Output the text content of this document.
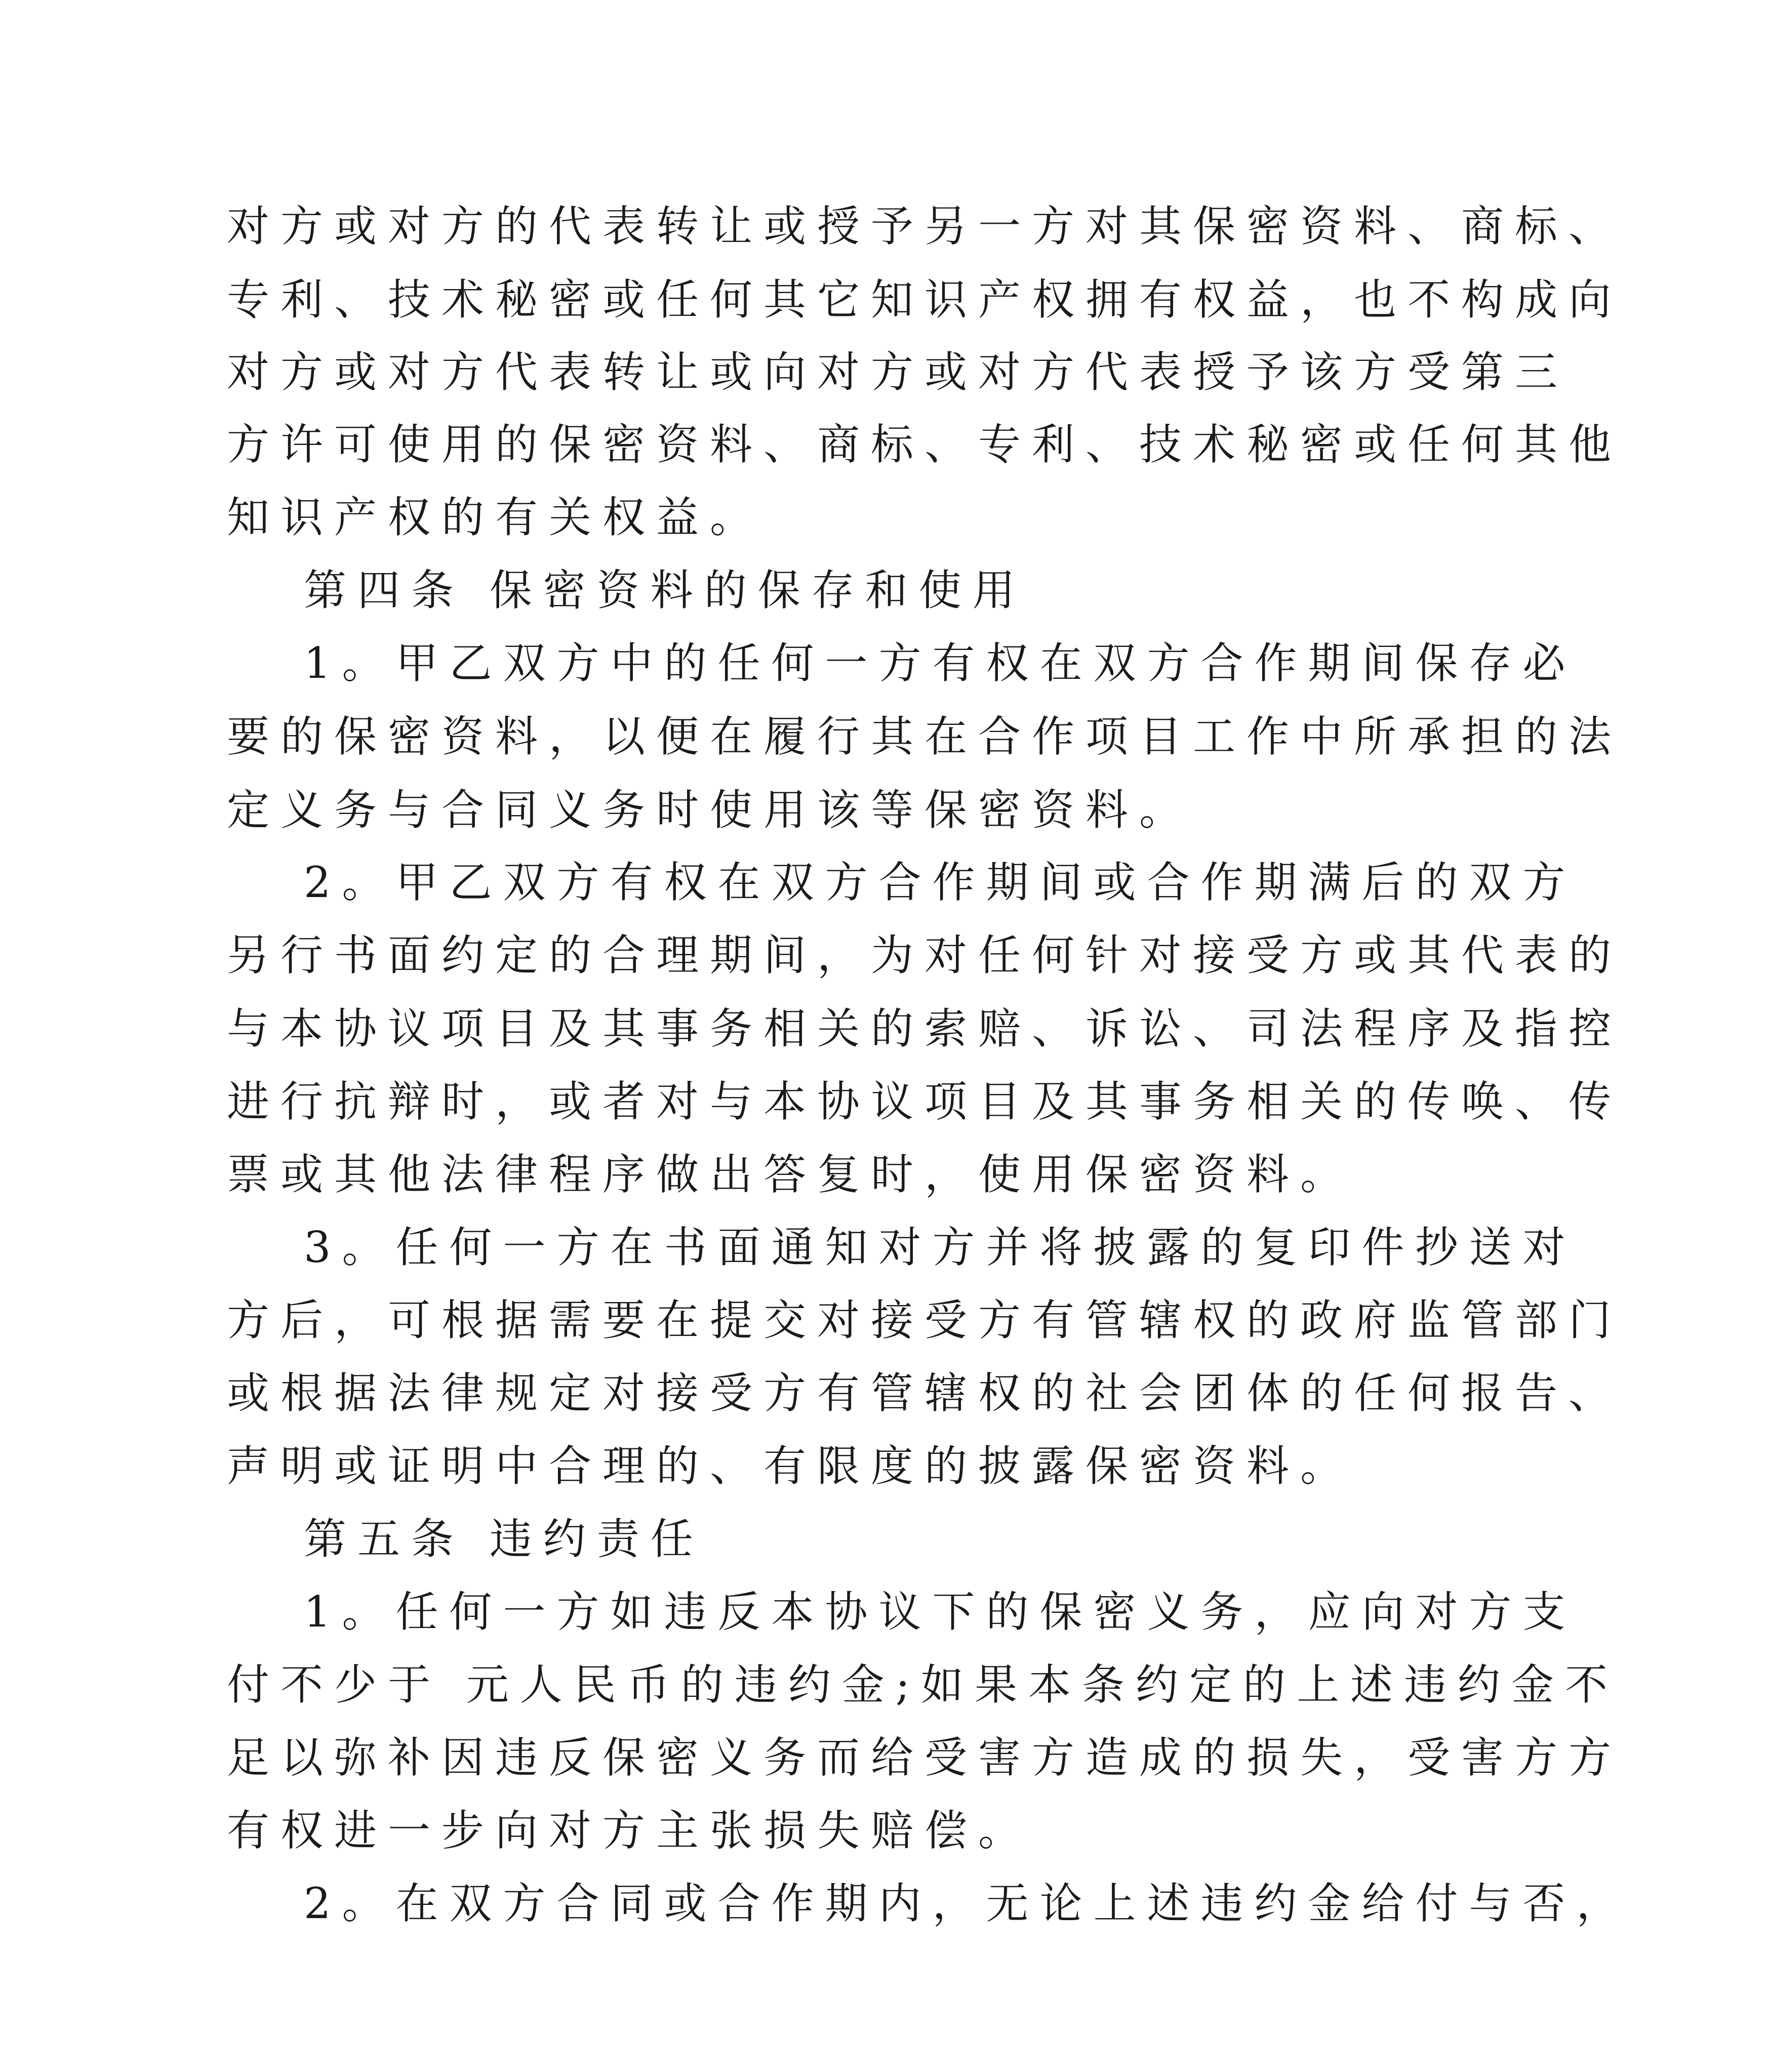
对方或对方的代表转让或授予另一方对其保密资料、商标、
专利、技术秘密或任何其它知识产权拥有权益，也不构成向
对方或对方代表转让或向对方或对方代表授予该方受第三
方许可使用的保密资料、商标、专利、技术秘密或任何其他
知识产权的有关权益。
第四条 保密资料的保存和使用
1。甲乙双方中的任何一方有权在双方合作期间保存必
要的保密资料，以便在履行其在合作项目工作中所承担的法
定义务与合同义务时使用该等保密资料。
2。甲乙双方有权在双方合作期间或合作期满后的双方
另行书面约定的合理期间，为对任何针对接受方或其代表的
与本协议项目及其事务相关的索赔、诉讼、司法程序及指控
进行抗辩时，或者对与本协议项目及其事务相关的传唤、传
票或其他法律程序做出答复时，使用保密资料。
3。任何一方在书面通知对方并将披露的复印件抄送对
方后，可根据需要在提交对接受方有管辖权的政府监管部门
或根据法律规定对接受方有管辖权的社会团体的任何报告、
声明或证明中合理的、有限度的披露保密资料。
第五条 违约责任
1。任何一方如违反本协议下的保密义务，应向对方支
付不少于 元人民币的违约金;如果本条约定的上述违约金不
足以弥补因违反保密义务而给受害方造成的损失，受害方方
有权进一步向对方主张损失赔偿。
2。在双方合同或合作期内，无论上述违约金给付与否，
